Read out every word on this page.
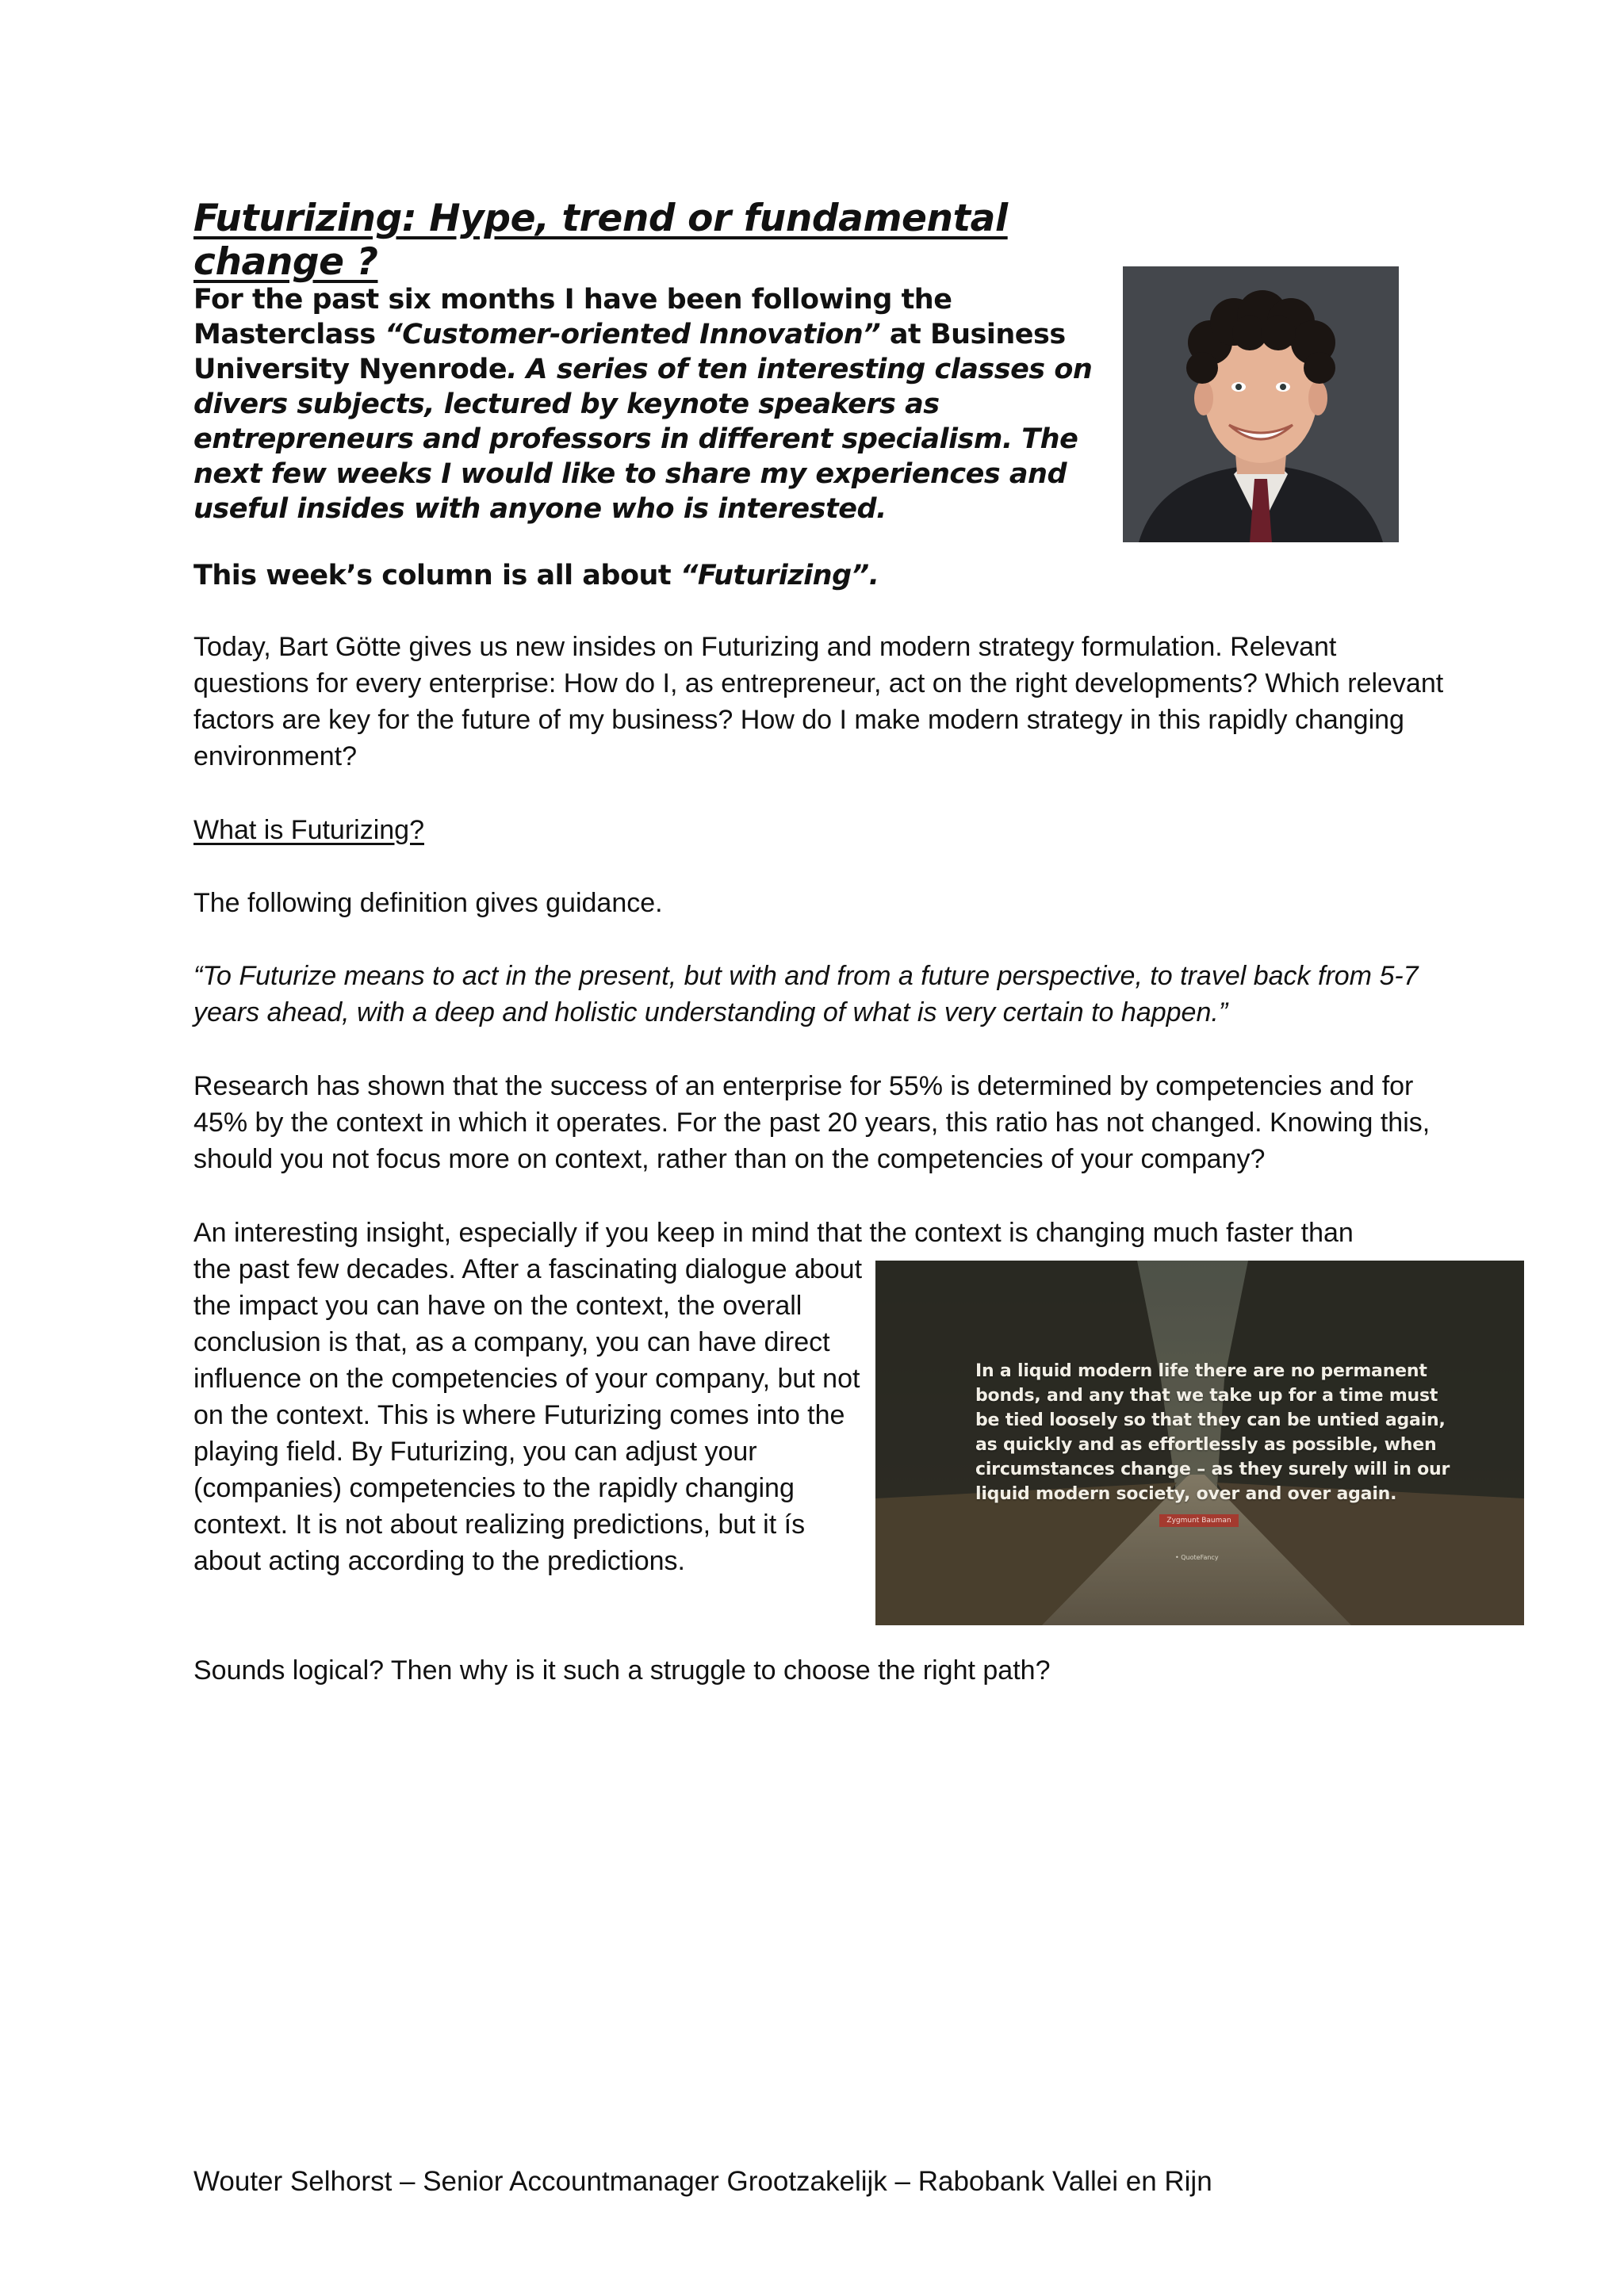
Futurizing: Hype, trend or fundamental change ?

For the past six months I have been following the Masterclass “Customer-oriented Innovation” at Business University Nyenrode. A series of ten interesting classes on divers subjects, lectured by keynote speakers as entrepreneurs and professors in different specialism. The next few weeks I would like to share my experiences and useful insides with anyone who is interested.

This week’s column is all about “Futurizing”.

Today, Bart Götte gives us new insides on Futurizing and modern strategy formulation. Relevant questions for every enterprise: How do I, as entrepreneur, act on the right developments? Which relevant factors are key for the future of my business? How do I make modern strategy in this rapidly changing environment?

What is Futurizing?

The following definition gives guidance.

“To Futurize means to act in the present, but with and from a future perspective, to travel back from 5-7 years ahead, with a deep and holistic understanding of what is very certain to happen.”

Research has shown that the success of an enterprise for 55% is determined by competencies and for 45% by the context in which it operates. For the past 20 years, this ratio has not changed. Knowing this, should you not focus more on context, rather than on the competencies of your company?

An interesting insight, especially if you keep in mind that the context is changing much faster than

the past few decades. After a fascinating dialogue about the impact you can have on the context, the overall conclusion is that, as a company, you can have direct influence on the competencies of your company, but not on the context. This is where Futurizing comes into the playing field. By Futurizing, you can adjust your (companies) competencies to the rapidly changing context. It is not about realizing predictions, but it ís about acting according to the predictions.

In a liquid modern life there are no permanent bonds, and any that we take up for a time must be tied loosely so that they can be untied again, as quickly and as effortlessly as possible, when circumstances change – as they surely will in our liquid modern society, over and over again.
Zygmunt Bauman
• QuoteFancy

Sounds logical? Then why is it such a struggle to choose the right path?

Wouter Selhorst – Senior Accountmanager Grootzakelijk – Rabobank Vallei en Rijn
